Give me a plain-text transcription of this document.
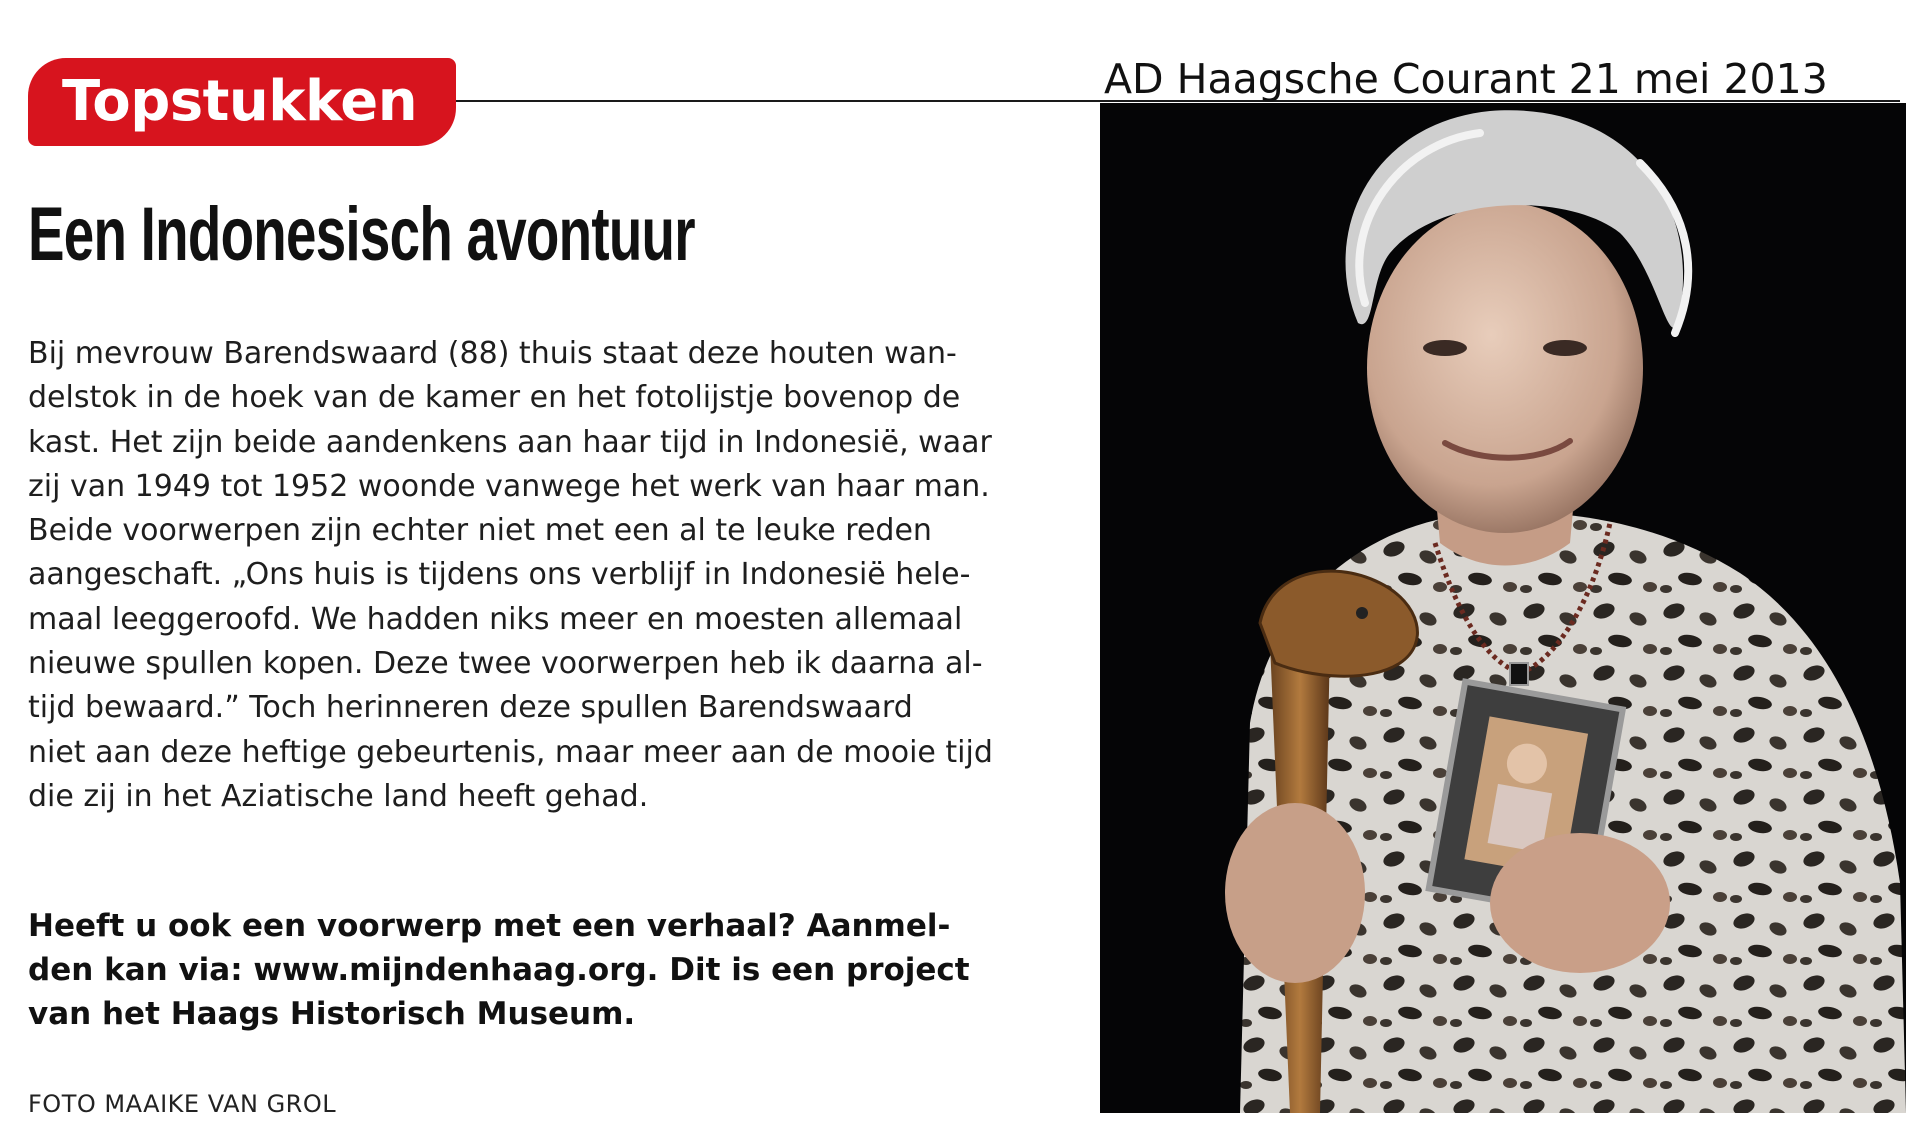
Topstukken	AD Haagsche Courant 21 mei 2013
Een Indonesisch avontuur

Bij mevrouw Barendswaard (88) thuis staat deze houten wan-
delstok in de hoek van de kamer en het fotolijstje bovenop de
kast. Het zijn beide aandenkens aan haar tijd in Indonesië, waar
zij van 1949 tot 1952 woonde vanwege het werk van haar man.
Beide voorwerpen zijn echter niet met een al te leuke reden
aangeschaft. „Ons huis is tijdens ons verblijf in Indonesië hele-
maal leeggeroofd. We hadden niks meer en moesten allemaal
nieuwe spullen kopen. Deze twee voorwerpen heb ik daarna al-
tijd bewaard.” Toch herinneren deze spullen Barendswaard
niet aan deze heftige gebeurtenis, maar meer aan de mooie tijd
die zij in het Aziatische land heeft gehad.

Heeft u ook een voorwerp met een verhaal? Aanmel-
den kan via: www.mijndenhaag.org. Dit is een project
van het Haags Historisch Museum.

FOTO MAAIKE VAN GROL
